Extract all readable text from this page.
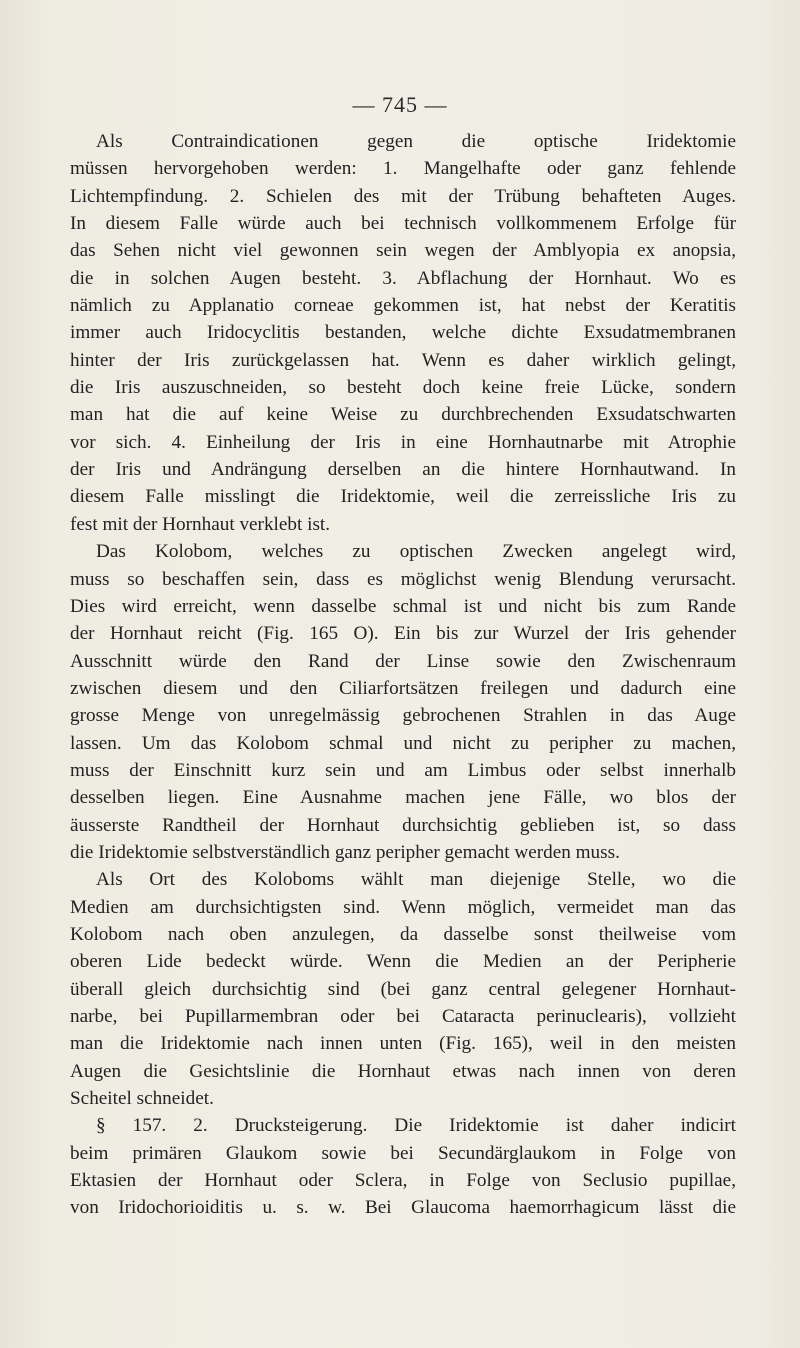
— 745 —
Als Contraindicationen gegen die optische Iridektomie
müssen hervorgehoben werden: 1. Mangelhafte oder ganz fehlende
Lichtempfindung. 2. Schielen des mit der Trübung behafteten Auges.
In diesem Falle würde auch bei technisch vollkommenem Erfolge für
das Sehen nicht viel gewonnen sein wegen der Amblyopia ex anopsia,
die in solchen Augen besteht. 3. Abflachung der Hornhaut. Wo es
nämlich zu Applanatio corneae gekommen ist, hat nebst der Keratitis
immer auch Iridocyclitis bestanden, welche dichte Exsudatmembranen
hinter der Iris zurückgelassen hat. Wenn es daher wirklich gelingt,
die Iris auszuschneiden, so besteht doch keine freie Lücke, sondern
man hat die auf keine Weise zu durchbrechenden Exsudatschwarten
vor sich. 4. Einheilung der Iris in eine Hornhautnarbe mit Atrophie
der Iris und Andrängung derselben an die hintere Hornhautwand. In
diesem Falle misslingt die Iridektomie, weil die zerreissliche Iris zu
fest mit der Hornhaut verklebt ist.
Das Kolobom, welches zu optischen Zwecken angelegt wird,
muss so beschaffen sein, dass es möglichst wenig Blendung verursacht.
Dies wird erreicht, wenn dasselbe schmal ist und nicht bis zum Rande
der Hornhaut reicht (Fig. 165 O). Ein bis zur Wurzel der Iris gehender
Ausschnitt würde den Rand der Linse sowie den Zwischenraum
zwischen diesem und den Ciliarfortsätzen freilegen und dadurch eine
grosse Menge von unregelmässig gebrochenen Strahlen in das Auge
lassen. Um das Kolobom schmal und nicht zu peripher zu machen,
muss der Einschnitt kurz sein und am Limbus oder selbst innerhalb
desselben liegen. Eine Ausnahme machen jene Fälle, wo blos der
äusserste Randtheil der Hornhaut durchsichtig geblieben ist, so dass
die Iridektomie selbstverständlich ganz peripher gemacht werden muss.
Als Ort des Koloboms wählt man diejenige Stelle, wo die
Medien am durchsichtigsten sind. Wenn möglich, vermeidet man das
Kolobom nach oben anzulegen, da dasselbe sonst theilweise vom
oberen Lide bedeckt würde. Wenn die Medien an der Peripherie
überall gleich durchsichtig sind (bei ganz central gelegener Hornhaut-
narbe, bei Pupillarmembran oder bei Cataracta perinuclearis), vollzieht
man die Iridektomie nach innen unten (Fig. 165), weil in den meisten
Augen die Gesichtslinie die Hornhaut etwas nach innen von deren
Scheitel schneidet.
§ 157. 2. Drucksteigerung. Die Iridektomie ist daher indicirt
beim primären Glaukom sowie bei Secundärglaukom in Folge von
Ektasien der Hornhaut oder Sclera, in Folge von Seclusio pupillae,
von Iridochorioiditis u. s. w. Bei Glaucoma haemorrhagicum lässt die
